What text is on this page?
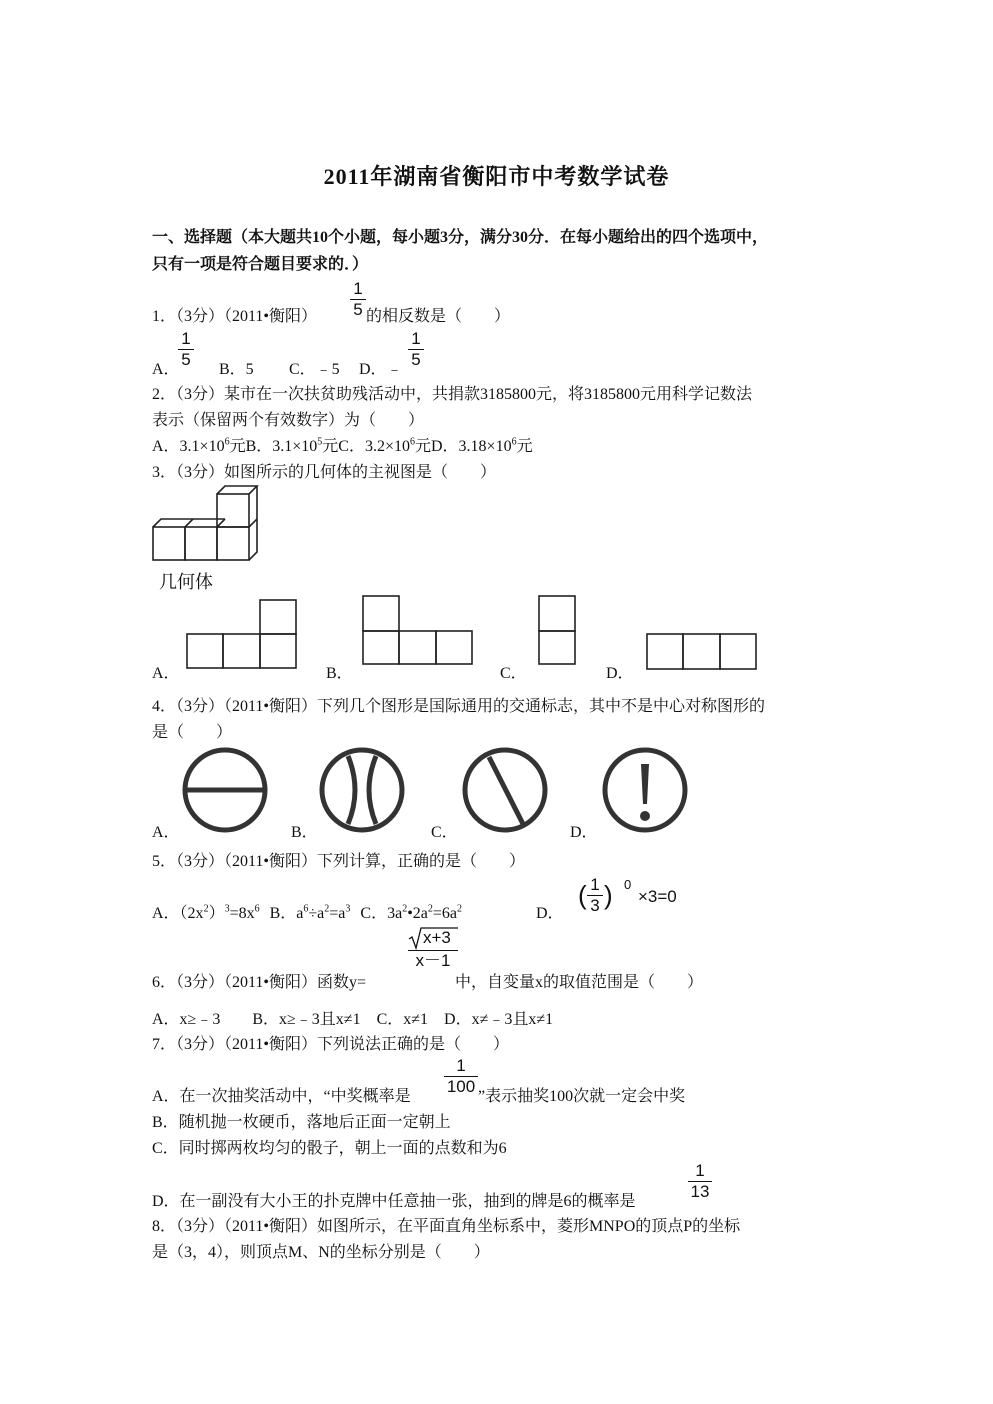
2011年湖南省衡阳市中考数学试卷
一、选择题（本大题共10个小题，每小题3分，满分30分．在每小题给出的四个选项中，
只有一项是符合题目要求的．）
1．（3分）（2011•衡阳）
1
5 的相反数是（　　）
A．
1
5
B．5 C．﹣5 D．﹣
1
5
2．（3分）某市在一次扶贫助残活动中，共捐款3185800元，将3185800元用科学记数法
表示（保留两个有效数字）为（　　）
A．$3.1\times 10^6$元B．$3.1\times 10^5$元C．$3.2\times 10^6$元D．$3.18\times 10^6$元
3．（3分）如图所示的几何体的主视图是（　　）
几何体
A．	B．	C．	D．
4．（3分）（2011•衡阳）下列几个图形是国际通用的交通标志，其中不是中心对称图形的
是（　　）
A．	B．	C．	D．
5．（3分）（2011•衡阳）下列计算，正确的是（　　）
A．$(2x^2)^3=8x^6$ B．$a^6\div a^2=a^3$ C．$3a^2•2a^2=6a^2$	D．
( 1
3 ) 0
×3=0
6．（3分）（2011•衡阳）函数y=
x+3
x－1
中，自变量x的取值范围是（　　）
A．x≥﹣3　　B．x≥﹣3且x≠1　C．x≠1　D．x≠﹣3且x≠1
7．（3分）（2011•衡阳）下列说法正确的是（　　）
A．在一次抽奖活动中，“中奖概率是
1
100
”表示抽奖100次就一定会中奖
B．随机抛一枚硬币，落地后正面一定朝上
C．同时掷两枚均匀的骰子，朝上一面的点数和为6
D．在一副没有大小王的扑克牌中任意抽一张，抽到的牌是6的概率是
1
13
8．（3分）（2011•衡阳）如图所示，在平面直角坐标系中，菱形MNPO的顶点P的坐标
是（3，4），则顶点M、N的坐标分别是（　　）
